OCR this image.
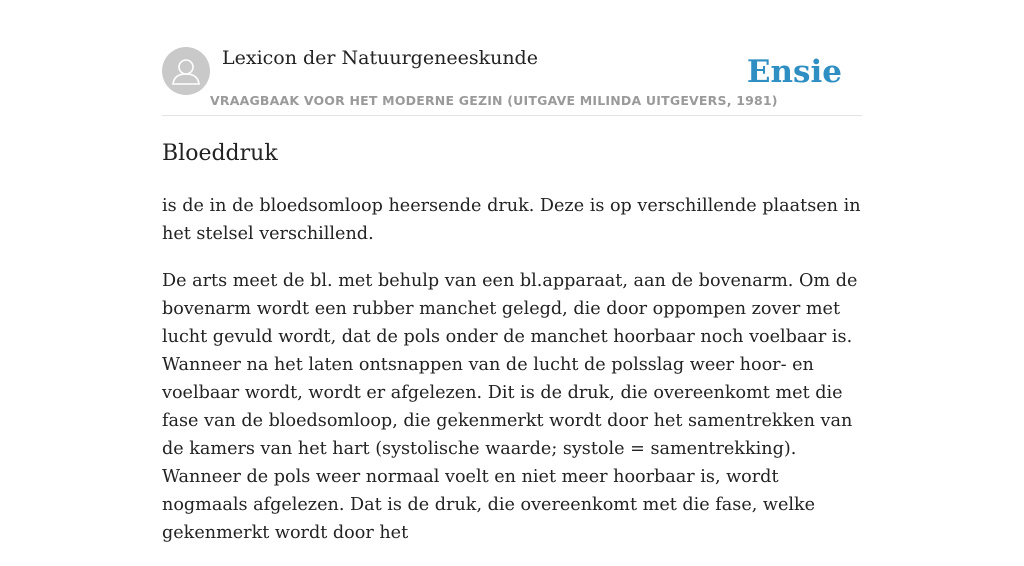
Lexicon der Natuurgeneeskunde
VRAAGBAAK VOOR HET MODERNE GEZIN (UITGAVE MILINDA UITGEVERS, 1981)
Ensie
Bloeddruk

is de in de bloedsomloop heersende druk. Deze is op verschillende plaatsen in het stelsel verschillend.

De arts meet de bl. met behulp van een bl.apparaat, aan de bovenarm. Om de bovenarm wordt een rubber manchet gelegd, die door oppompen zover met lucht gevuld wordt, dat de pols onder de manchet hoorbaar noch voelbaar is. Wanneer na het laten ontsnappen van de lucht de polsslag weer hoor- en voelbaar wordt, wordt er afgelezen. Dit is de druk, die overeenkomt met die fase van de bloedsomloop, die gekenmerkt wordt door het samentrekken van de kamers van het hart (systolische waarde; systole = samentrekking). Wanneer de pols weer normaal voelt en niet meer hoorbaar is, wordt nogmaals afgelezen. Dat is de druk, die overeenkomt met die fase, welke gekenmerkt wordt door het
